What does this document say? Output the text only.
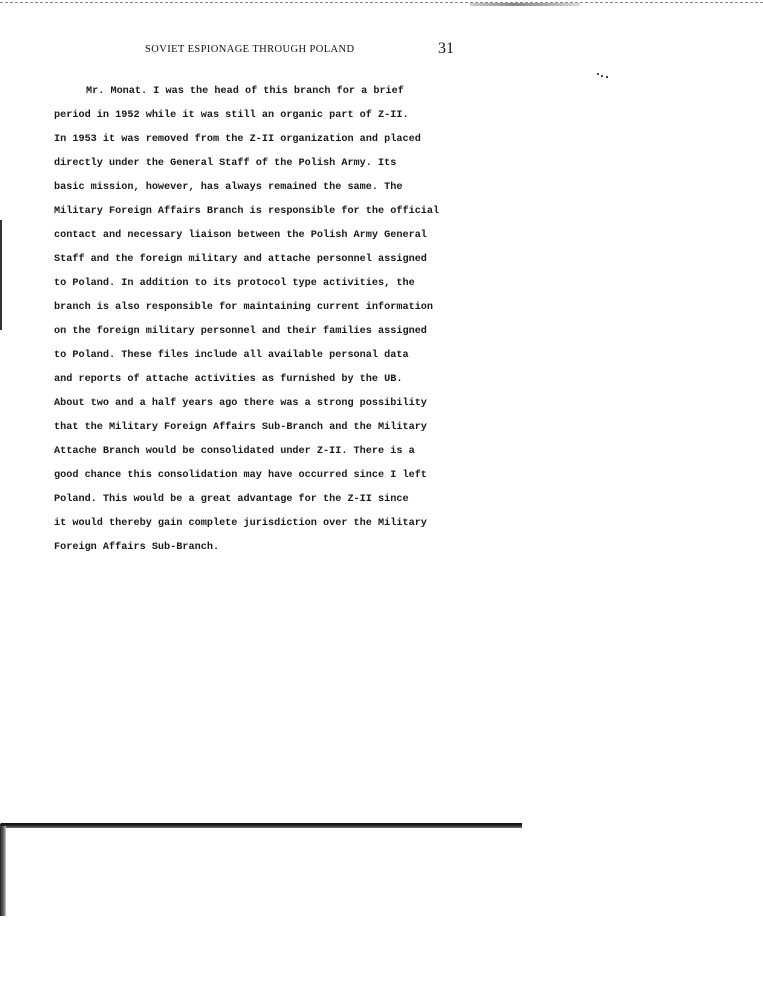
SOVIET ESPIONAGE THROUGH POLAND	31
Mr. Monat. I was the head of this branch for a brief
period in 1952 while it was still an organic part of Z-II.
In 1953 it was removed from the Z-II organization and placed
directly under the General Staff of the Polish Army. Its
basic mission, however, has always remained the same. The
Military Foreign Affairs Branch is responsible for the official
contact and necessary liaison between the Polish Army General
Staff and the foreign military and attache personnel assigned
to Poland. In addition to its protocol type activities, the
branch is also responsible for maintaining current information
on the foreign military personnel and their families assigned
to Poland. These files include all available personal data
and reports of attache activities as furnished by the UB.
About two and a half years ago there was a strong possibility
that the Military Foreign Affairs Sub-Branch and the Military
Attache Branch would be consolidated under Z-II. There is a
good chance this consolidation may have occurred since I left
Poland. This would be a great advantage for the Z-II since
it would thereby gain complete jurisdiction over the Military
Foreign Affairs Sub-Branch.
